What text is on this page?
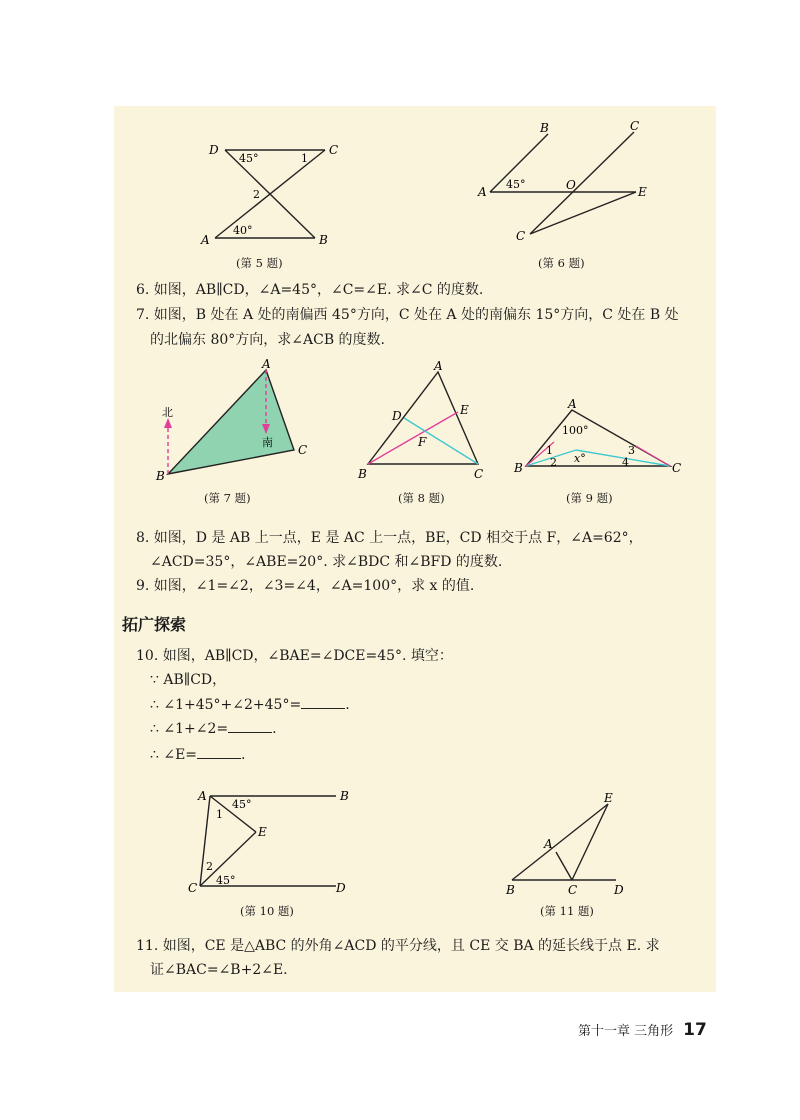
D	C
A	B
45°
40°
1
2
(第 5 题)
B	C
A	E
O
C
45°
(第 6 题)
6. 如图，AB∥CD，∠A=45°，∠C=∠E. 求∠C 的度数.
7. 如图，B 处在 A 处的南偏西 45°方向，C 处在 A 处的南偏东 15°方向，C 处在 B 处
的北偏东 80°方向，求∠ACB 的度数.
北
南
A
B
C
(第 7 题)
A
B	C
D	E
F
(第 8 题)
A
B	C
100°
1
2
3
4
x°
(第 9 题)
8. 如图，D 是 AB 上一点，E 是 AC 上一点，BE，CD 相交于点 F，∠A=62°，
∠ACD=35°，∠ABE=20°. 求∠BDC 和∠BFD 的度数.
9. 如图，∠1=∠2，∠3=∠4，∠A=100°，求 x 的值.
拓广探索
10. 如图，AB∥CD，∠BAE=∠DCE=45°. 填空：
∵ AB∥CD，
∴ ∠1+45°+∠2+45°=	.
∴ ∠1+∠2=	.
∴ ∠E=	.
A	B
C	D
E
45°
45°
1
2
(第 10 题)
E
A
B	C	D
(第 11 题)
11. 如图，CE 是△ABC 的外角∠ACD 的平分线，且 CE 交 BA 的延长线于点 E. 求
证∠BAC=∠B+2∠E.
第十一章 三角形 17
